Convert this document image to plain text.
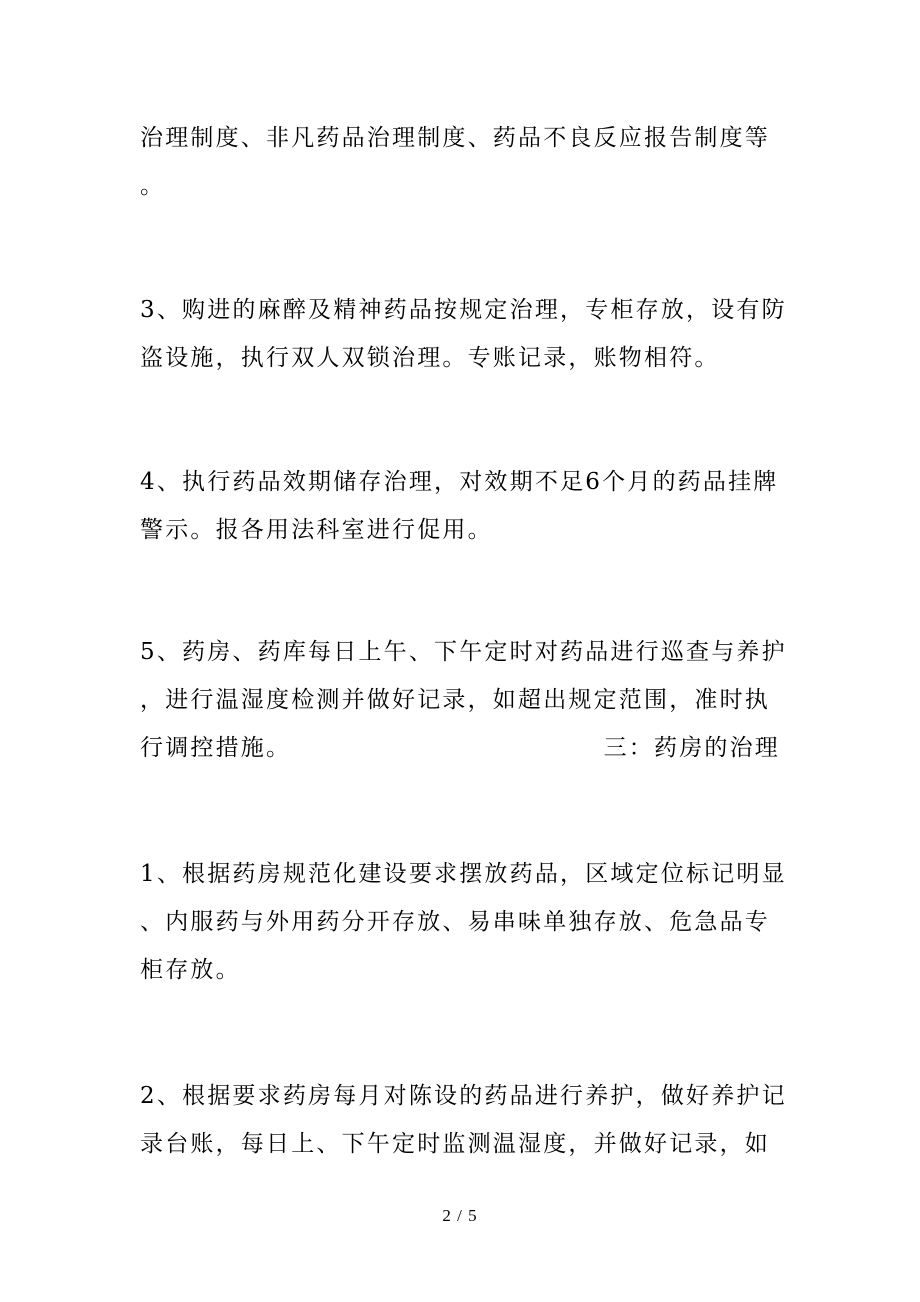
治理制度、非凡药品治理制度、药品不良反应报告制度等
。
3、购进的麻醉及精神药品按规定治理，专柜存放，设有防
盗设施，执行双人双锁治理。专账记录，账物相符。
4、执行药品效期储存治理，对效期不足6个月的药品挂牌
警示。报各用法科室进行促用。
5、药房、药库每日上午、下午定时对药品进行巡查与养护
，进行温湿度检测并做好记录，如超出规定范围，准时执
行调控措施。	三：药房的治理
1、根据药房规范化建设要求摆放药品，区域定位标记明显
、内服药与外用药分开存放、易串味单独存放、危急品专
柜存放。
2、根据要求药房每月对陈设的药品进行养护，做好养护记
录台账，每日上、下午定时监测温湿度，并做好记录，如
2 / 5
